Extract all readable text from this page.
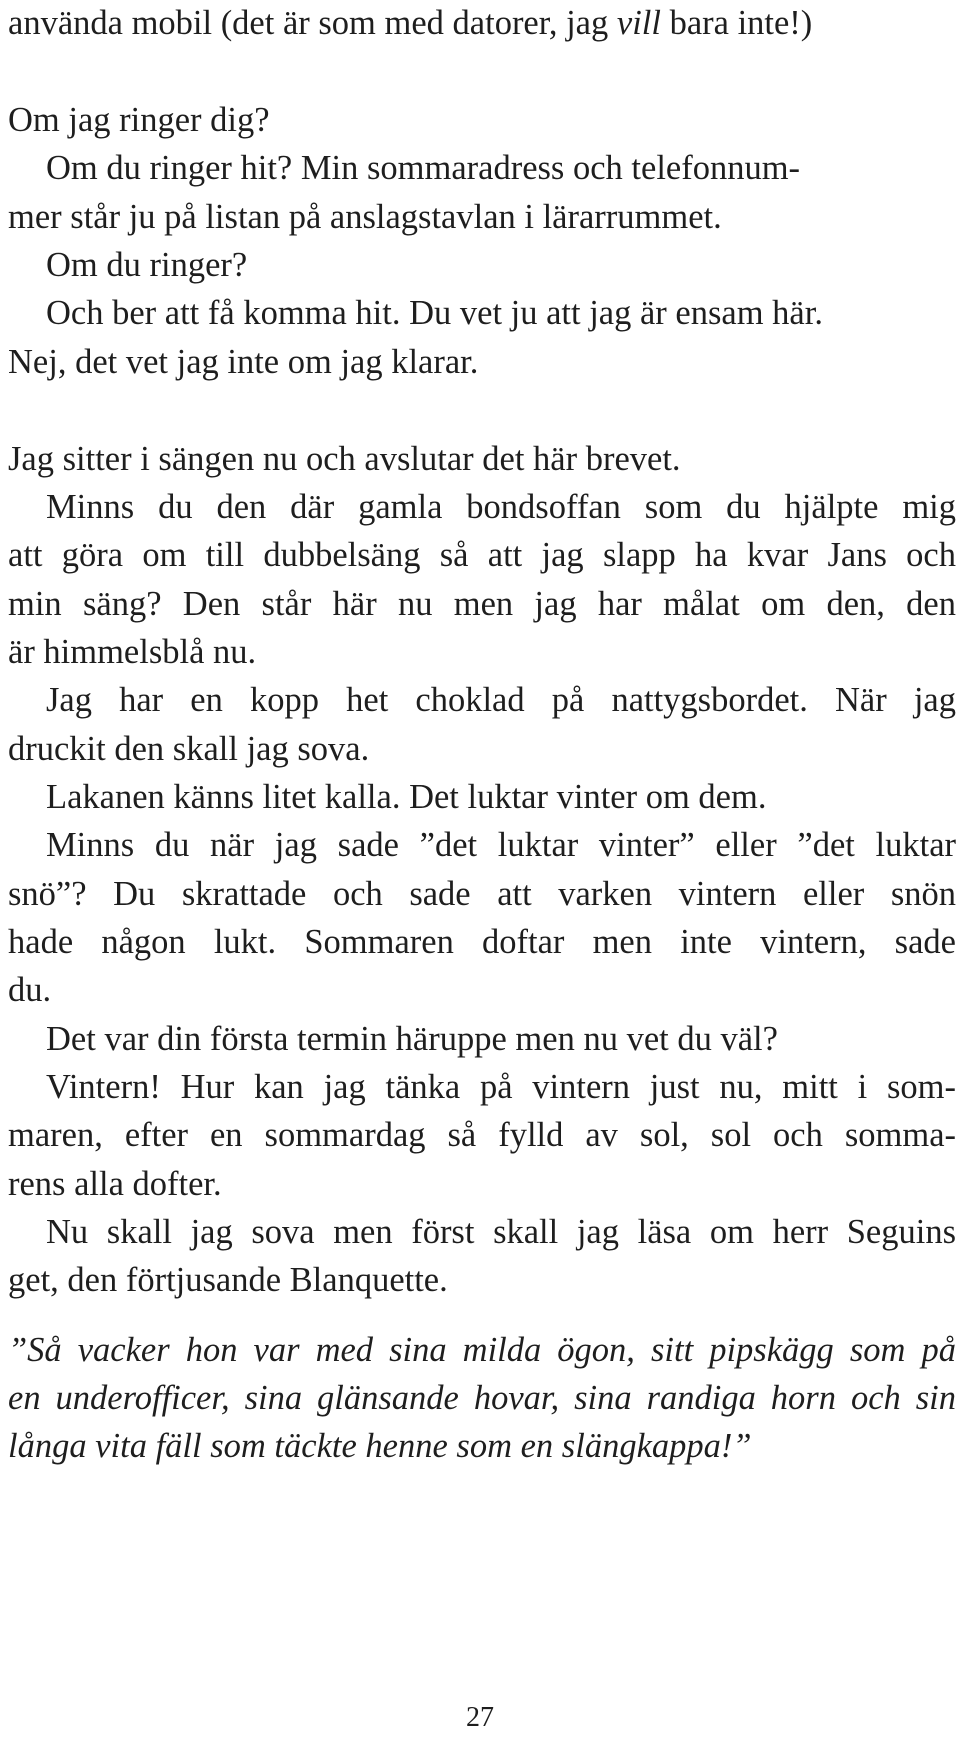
använda mobil (det är som med datorer, jag vill bara inte!)
Om jag ringer dig?
Om du ringer hit? Min sommaradress och telefonnum-
mer står ju på listan på anslagstavlan i lärarrummet.
Om du ringer?
Och ber att få komma hit. Du vet ju att jag är ensam här.
Nej, det vet jag inte om jag klarar.
Jag sitter i sängen nu och avslutar det här brevet.
Minns du den där gamla bondsoffan som du hjälpte mig
att göra om till dubbelsäng så att jag slapp ha kvar Jans och
min säng? Den står här nu men jag har målat om den, den
är himmelsblå nu.
Jag har en kopp het choklad på nattygsbordet. När jag
druckit den skall jag sova.
Lakanen känns litet kalla. Det luktar vinter om dem.
Minns du när jag sade ”det luktar vinter” eller ”det luktar
snö”? Du skrattade och sade att varken vintern eller snön
hade någon lukt. Sommaren doftar men inte vintern, sade
du.
Det var din första termin häruppe men nu vet du väl?
Vintern! Hur kan jag tänka på vintern just nu, mitt i som-
maren, efter en sommardag så fylld av sol, sol och somma-
rens alla dofter.
Nu skall jag sova men först skall jag läsa om herr Seguins
get, den förtjusande Blanquette.
”Så vacker hon var med sina milda ögon, sitt pipskägg som på
en underofficer, sina glänsande hovar, sina randiga horn och sin
långa vita fäll som täckte henne som en slängkappa!”
27
